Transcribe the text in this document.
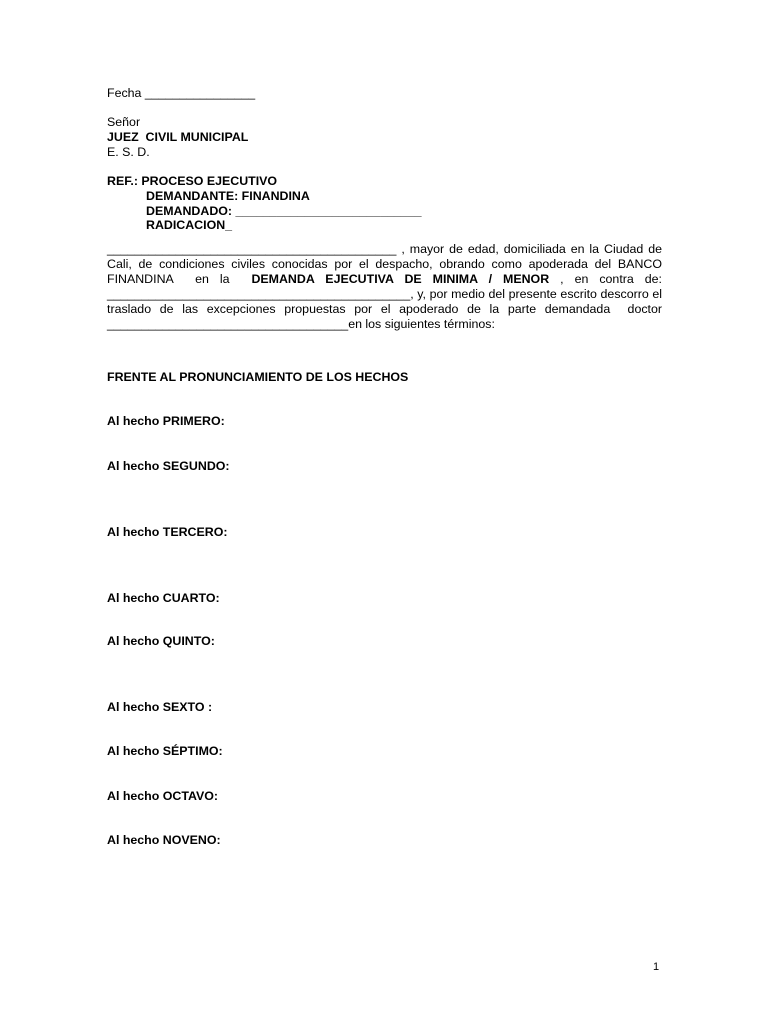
Fecha ________________
Señor
JUEZ  CIVIL MUNICIPAL
E. S. D.
REF.: PROCESO EJECUTIVO
DEMANDANTE: FINANDINA
DEMANDADO: ___________________________
RADICACION_
__________________________________________ , mayor de edad, domiciliada en la Ciudad de Cali, de condiciones civiles conocidas por el despacho, obrando como apoderada del BANCO FINANDINA  en la  DEMANDA EJECUTIVA DE MINIMA / MENOR , en contra de:  ____________________________________________, y, por medio del presente escrito descorro el traslado de las excepciones propuestas por el apoderado de la parte demandada  doctor  ___________________________________en los siguientes términos:
FRENTE AL PRONUNCIAMIENTO DE LOS HECHOS
Al hecho PRIMERO:
Al hecho SEGUNDO:
Al hecho TERCERO:
Al hecho CUARTO:
Al hecho QUINTO:
Al hecho SEXTO :
Al hecho SÉPTIMO:
Al hecho OCTAVO:
Al hecho NOVENO:
1
